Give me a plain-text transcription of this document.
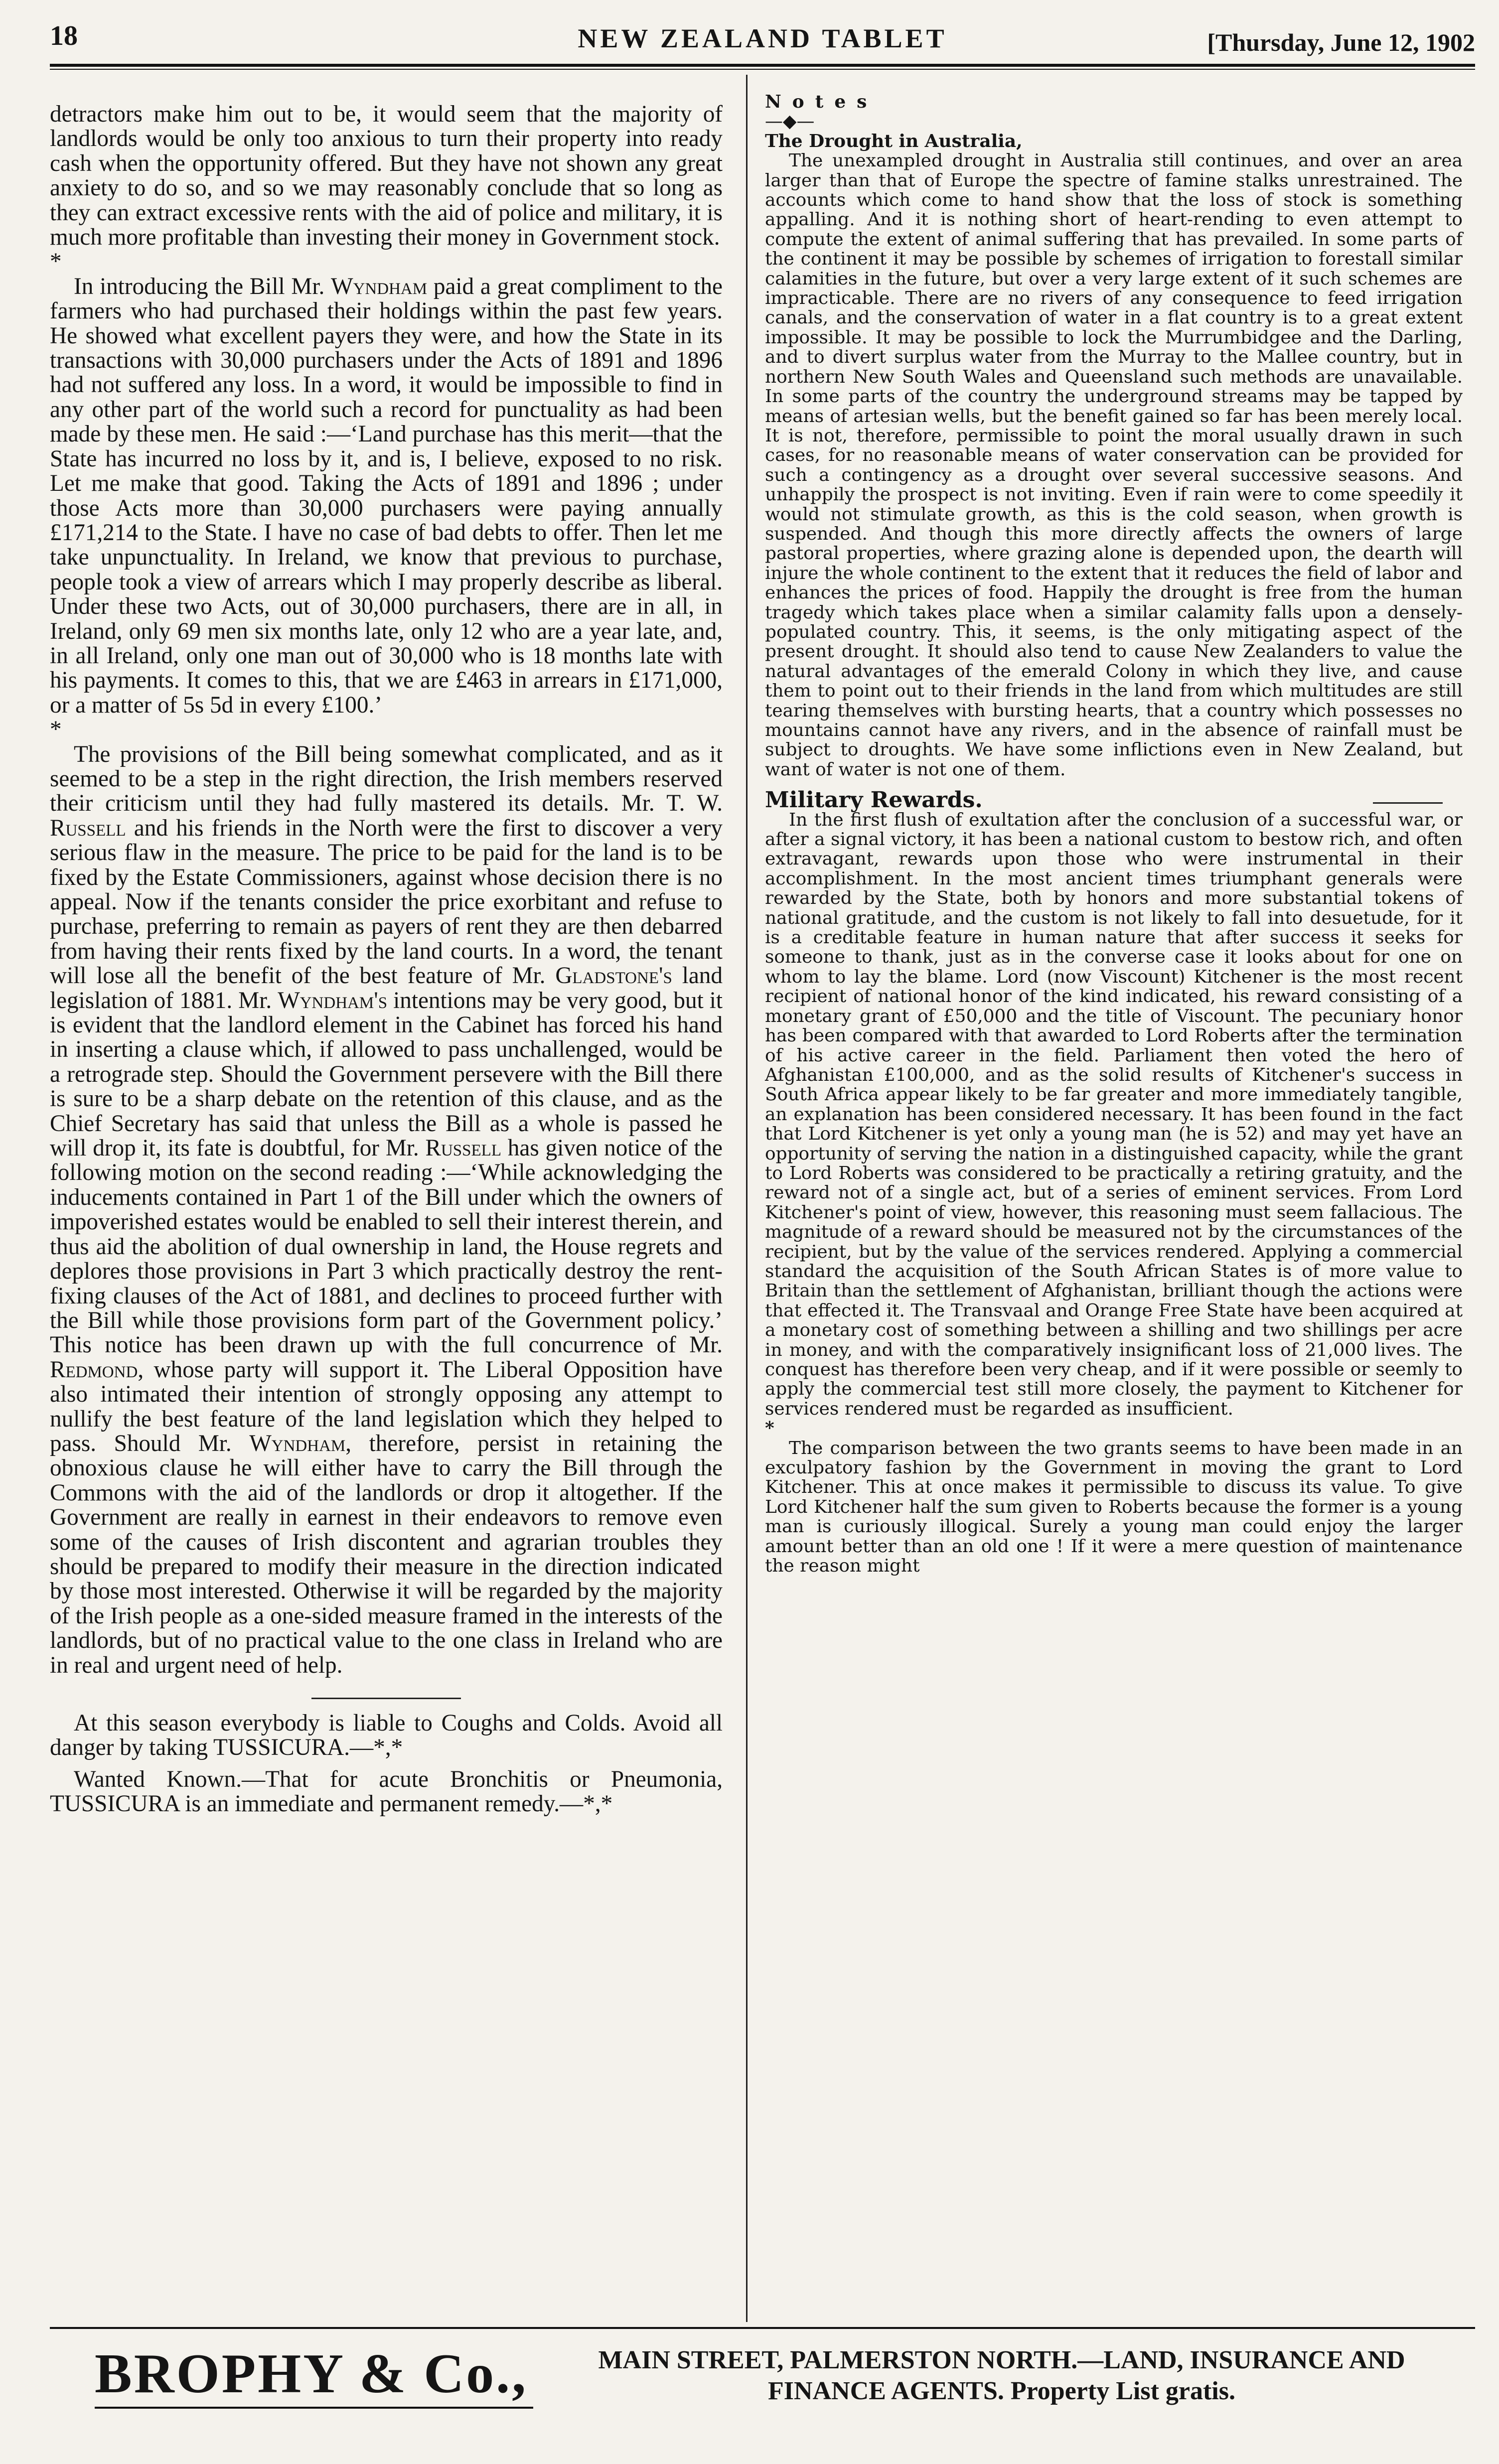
18	NEW ZEALAND TABLET	[Thursday, June 12, 1902

detractors make him out to be, it would seem that the majority of landlords would be only too anxious to turn their property into ready cash when the opportunity offered. But they have not shown any great anxiety to do so, and so we may reasonably conclude that so long as they can extract excessive rents with the aid of police and military, it is much more profitable than investing their money in Government stock.

*

In introducing the Bill Mr. Wyndham paid a great compliment to the farmers who had purchased their holdings within the past few years. He showed what excellent payers they were, and how the State in its transactions with 30,000 purchasers under the Acts of 1891 and 1896 had not suffered any loss. In a word, it would be impossible to find in any other part of the world such a record for punctuality as had been made by these men. He said :—‘Land purchase has this merit—that the State has incurred no loss by it, and is, I believe, exposed to no risk. Let me make that good. Taking the Acts of 1891 and 1896 ; under those Acts more than 30,000 purchasers were paying annually £171,214 to the State. I have no case of bad debts to offer. Then let me take unpunctuality. In Ireland, we know that previous to purchase, people took a view of arrears which I may properly describe as liberal. Under these two Acts, out of 30,000 purchasers, there are in all, in Ireland, only 69 men six months late, only 12 who are a year late, and, in all Ireland, only one man out of 30,000 who is 18 months late with his payments. It comes to this, that we are £463 in arrears in £171,000, or a matter of 5s 5d in every £100.’

*

The provisions of the Bill being somewhat complicated, and as it seemed to be a step in the right direction, the Irish members reserved their criticism until they had fully mastered its details. Mr. T. W. Russell and his friends in the North were the first to discover a very serious flaw in the measure. The price to be paid for the land is to be fixed by the Estate Commissioners, against whose decision there is no appeal. Now if the tenants consider the price exorbitant and refuse to purchase, preferring to remain as payers of rent they are then debarred from having their rents fixed by the land courts. In a word, the tenant will lose all the benefit of the best feature of Mr. Gladstone's land legislation of 1881. Mr. Wyndham's intentions may be very good, but it is evident that the landlord element in the Cabinet has forced his hand in inserting a clause which, if allowed to pass unchallenged, would be a retrograde step. Should the Government persevere with the Bill there is sure to be a sharp debate on the retention of this clause, and as the Chief Secretary has said that unless the Bill as a whole is passed he will drop it, its fate is doubtful, for Mr. Russell has given notice of the following motion on the second reading :—‘While acknowledging the inducements contained in Part 1 of the Bill under which the owners of impoverished estates would be enabled to sell their interest therein, and thus aid the abolition of dual ownership in land, the House regrets and deplores those provisions in Part 3 which practically destroy the rent-fixing clauses of the Act of 1881, and declines to proceed further with the Bill while those provisions form part of the Government policy.’ This notice has been drawn up with the full concurrence of Mr. Redmond, whose party will support it. The Liberal Opposition have also intimated their intention of strongly opposing any attempt to nullify the best feature of the land legislation which they helped to pass. Should Mr. Wyndham, therefore, persist in retaining the obnoxious clause he will either have to carry the Bill through the Commons with the aid of the landlords or drop it altogether. If the Government are really in earnest in their endeavors to remove even some of the causes of Irish discontent and agrarian troubles they should be prepared to modify their measure in the direction indicated by those most interested. Otherwise it will be regarded by the majority of the Irish people as a one-sided measure framed in the interests of the landlords, but of no practical value to the one class in Ireland who are in real and urgent need of help.

At this season everybody is liable to Coughs and Colds. Avoid all danger by taking TUSSICURA.—*,*

Wanted Known.—That for acute Bronchitis or Pneumonia, TUSSICURA is an immediate and permanent remedy.—*,*

Notes

—◆—

The Drought in Australia,

The unexampled drought in Australia still continues, and over an area larger than that of Europe the spectre of famine stalks unrestrained. The accounts which come to hand show that the loss of stock is something appalling. And it is nothing short of heart-rending to even attempt to compute the extent of animal suffering that has prevailed. In some parts of the continent it may be possible by schemes of irrigation to forestall similar calamities in the future, but over a very large extent of it such schemes are impracticable. There are no rivers of any consequence to feed irrigation canals, and the conservation of water in a flat country is to a great extent impossible. It may be possible to lock the Murrumbidgee and the Darling, and to divert surplus water from the Murray to the Mallee country, but in northern New South Wales and Queensland such methods are unavailable. In some parts of the country the underground streams may be tapped by means of artesian wells, but the benefit gained so far has been merely local. It is not, therefore, permissible to point the moral usually drawn in such cases, for no reasonable means of water conservation can be provided for such a contingency as a drought over several successive seasons. And unhappily the prospect is not inviting. Even if rain were to come speedily it would not stimulate growth, as this is the cold season, when growth is suspended. And though this more directly affects the owners of large pastoral properties, where grazing alone is depended upon, the dearth will injure the whole continent to the extent that it reduces the field of labor and enhances the prices of food. Happily the drought is free from the human tragedy which takes place when a similar calamity falls upon a densely-populated country. This, it seems, is the only mitigating aspect of the present drought. It should also tend to cause New Zealanders to value the natural advantages of the emerald Colony in which they live, and cause them to point out to their friends in the land from which multitudes are still tearing themselves with bursting hearts, that a country which possesses no mountains cannot have any rivers, and in the absence of rainfall must be subject to droughts. We have some inflictions even in New Zealand, but want of water is not one of them.

Military Rewards.

In the first flush of exultation after the conclusion of a successful war, or after a signal victory, it has been a national custom to bestow rich, and often extravagant, rewards upon those who were instrumental in their accomplishment. In the most ancient times triumphant generals were rewarded by the State, both by honors and more substantial tokens of national gratitude, and the custom is not likely to fall into desuetude, for it is a creditable feature in human nature that after success it seeks for someone to thank, just as in the converse case it looks about for one on whom to lay the blame. Lord (now Viscount) Kitchener is the most recent recipient of national honor of the kind indicated, his reward consisting of a monetary grant of £50,000 and the title of Viscount. The pecuniary honor has been compared with that awarded to Lord Roberts after the termination of his active career in the field. Parliament then voted the hero of Afghanistan £100,000, and as the solid results of Kitchener's success in South Africa appear likely to be far greater and more immediately tangible, an explanation has been considered necessary. It has been found in the fact that Lord Kitchener is yet only a young man (he is 52) and may yet have an opportunity of serving the nation in a distinguished capacity, while the grant to Lord Roberts was considered to be practically a retiring gratuity, and the reward not of a single act, but of a series of eminent services. From Lord Kitchener's point of view, however, this reasoning must seem fallacious. The magnitude of a reward should be measured not by the circumstances of the recipient, but by the value of the services rendered. Applying a commercial standard the acquisition of the South African States is of more value to Britain than the settlement of Afghanistan, brilliant though the actions were that effected it. The Transvaal and Orange Free State have been acquired at a monetary cost of something between a shilling and two shillings per acre in money, and with the comparatively insignificant loss of 21,000 lives. The conquest has therefore been very cheap, and if it were possible or seemly to apply the commercial test still more closely, the payment to Kitchener for services rendered must be regarded as insufficient.

*

The comparison between the two grants seems to have been made in an exculpatory fashion by the Government in moving the grant to Lord Kitchener. This at once makes it permissible to discuss its value. To give Lord Kitchener half the sum given to Roberts because the former is a young man is curiously illogical. Surely a young man could enjoy the larger amount better than an old one ! If it were a mere question of maintenance the reason might

BROPHY & Co.,	MAIN STREET, PALMERSTON NORTH.—LAND, INSURANCE AND
FINANCE AGENTS. Property List gratis.
